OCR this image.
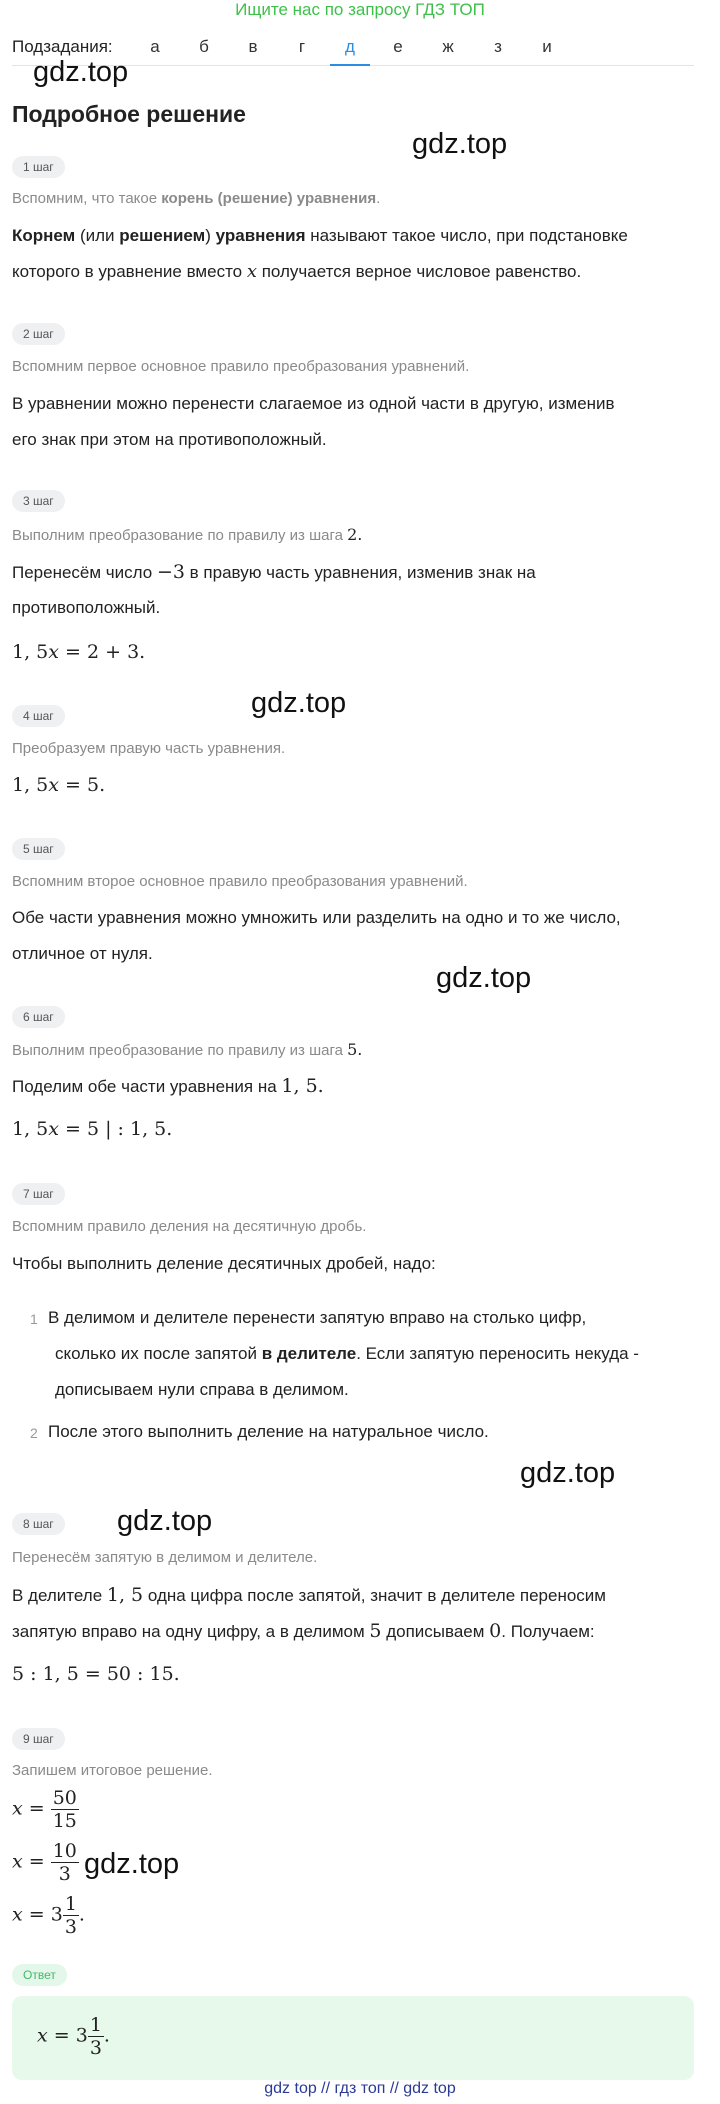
Ищите нас по запросу ГДЗ ТОП
Подзадания:	а	б	в	г	д	е	ж	з	и
gdz.top
gdz.top
gdz.top
gdz.top
gdz.top
gdz.top
gdz.top
Подробное решение
1 шаг
Вспомним, что такое корень (решение) уравнения.
Корнем (или решением) уравнения называют такое число, при подстановке
которого в уравнение вместо x получается верное числовое равенство.
2 шаг
Вспомним первое основное правило преобразования уравнений.
В уравнении можно перенести слагаемое из одной части в другую, изменив
его знак при этом на противоположный.
3 шаг
Выполним преобразование по правилу из шага 2.
Перенесём число −3 в правую часть уравнения, изменив знак на
противоположный.
1, 5x = 2 + 3.
4 шаг
Преобразуем правую часть уравнения.
1, 5x = 5.
5 шаг
Вспомним второе основное правило преобразования уравнений.
Обе части уравнения можно умножить или разделить на одно и то же число,
отличное от нуля.
6 шаг
Выполним преобразование по правилу из шага 5.
Поделим обе части уравнения на 1, 5.
1, 5x = 5 | : 1, 5.
7 шаг
Вспомним правило деления на десятичную дробь.
Чтобы выполнить деление десятичных дробей, надо:
1 В делимом и делителе перенести запятую вправо на столько цифр,
сколько их после запятой в делителе. Если запятую переносить некуда -
дописываем нули справа в делимом.
2 После этого выполнить деление на натуральное число.
8 шаг
Перенесём запятую в делимом и делителе.
В делителе 1, 5 одна цифра после запятой, значит в делителе переносим
запятую вправо на одну цифру, а в делимом 5 дописываем 0. Получаем:
5 : 1, 5 = 50 : 15.
9 шаг
Запишем итоговое решение.
$x = \frac{50}{15}$
$x = \frac{10}{3}$
$x = 3 \frac{1}{3}$ .
Ответ
$x = 3 \frac{1}{3}$ .
gdz top // гдз топ // gdz top
